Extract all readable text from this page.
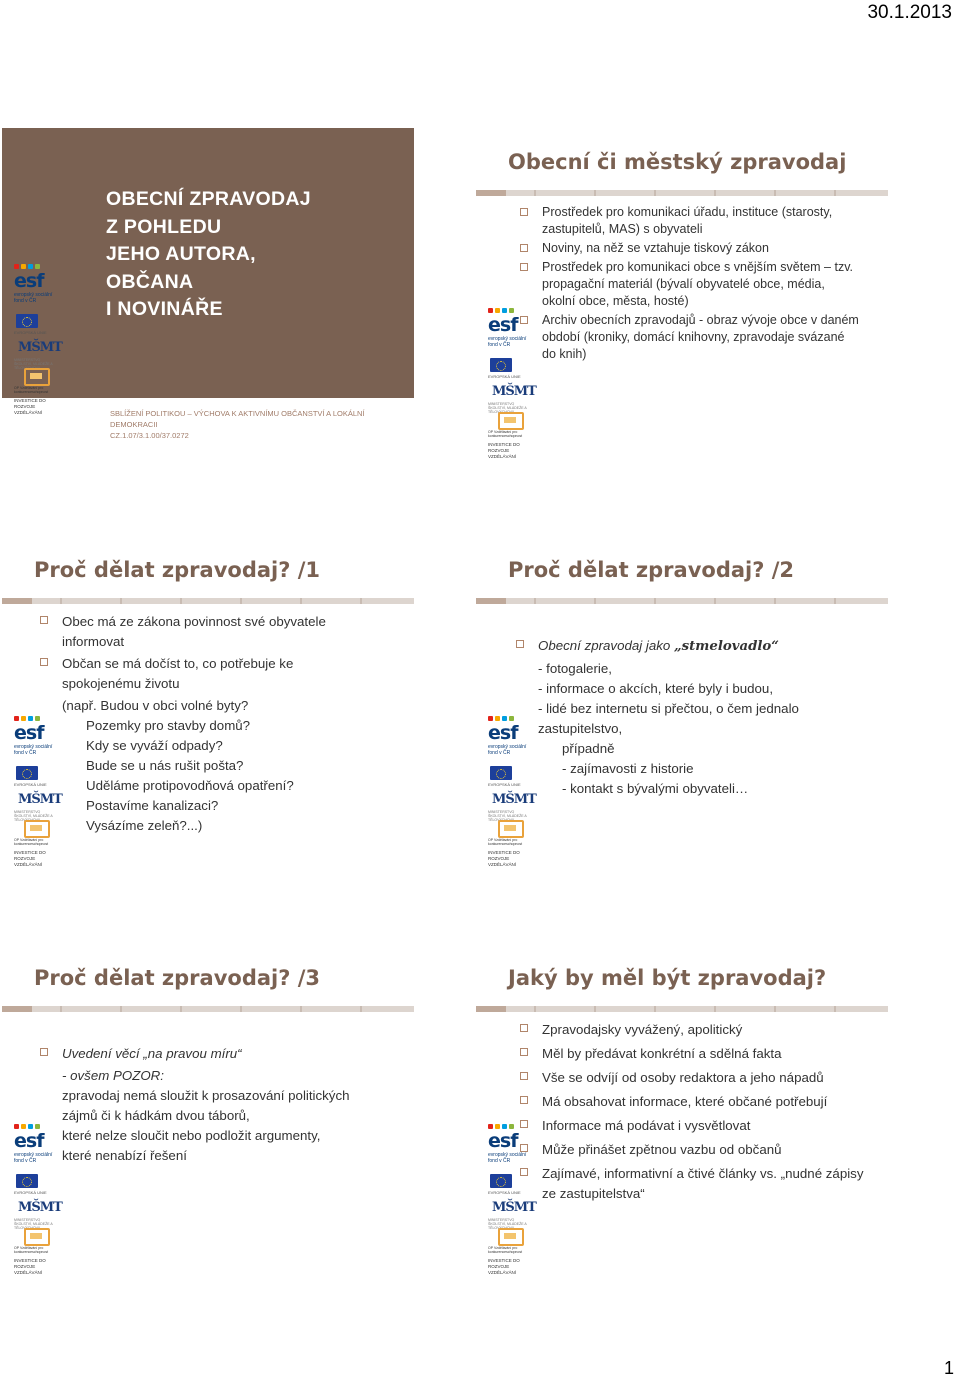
30.1.2013
OBECNÍ ZPRAVODAJ
Z POHLEDU
JEHO AUTORA,
OBČANA
I NOVINÁŘE
SBLÍŽENÍ POLITIKOU – VÝCHOVA K AKTIVNÍMU OBČANSTVÍ A LOKÁLNÍ DEMOKRACII
CZ.1.07/3.1.00/37.0272
esf
evropský sociální fond v ČR
EVROPSKÁ UNIE
MŠMT
MINISTERSTVO ŠKOLSTVÍ, MLÁDEŽE A TĚLOVÝCHOVY
OP Vzdělávání pro konkurenceschopnost
INVESTICE DO ROZVOJE VZDĚLÁVÁNÍ
Obecní či městský zpravodaj
esf
evropský sociální fond v ČR
EVROPSKÁ UNIE
MŠMT
MINISTERSTVO ŠKOLSTVÍ, MLÁDEŽE A TĚLOVÝCHOVY
OP Vzdělávání pro konkurenceschopnost
INVESTICE DO ROZVOJE VZDĚLÁVÁNÍ
Prostředek pro komunikaci úřadu, instituce (starosty, zastupitelů, MAS) s obyvateli
Noviny, na něž se vztahuje tiskový zákon
Prostředek pro komunikaci obce s vnějším světem – tzv. propagační materiál (bývalí obyvatelé obce, média, okolní obce, města, hosté)
Archiv obecních zpravodajů - obraz vývoje obce v daném období (kroniky, domácí knihovny, zpravodaje svázané do knih)
Proč dělat zpravodaj? /1
esf
evropský sociální fond v ČR
EVROPSKÁ UNIE
MŠMT
MINISTERSTVO ŠKOLSTVÍ, MLÁDEŽE A TĚLOVÝCHOVY
OP Vzdělávání pro konkurenceschopnost
INVESTICE DO ROZVOJE VZDĚLÁVÁNÍ
Obec má ze zákona povinnost své obyvatele informovat
Občan se má dočíst to, co potřebuje ke spokojenému životu
(např. Budou v obci volné byty?
Pozemky pro stavby domů?
Kdy se vyváží odpady?
Bude se u nás rušit pošta?
Uděláme protipovodňová opatření?
Postavíme kanalizaci?
Vysázíme zeleň?...)
Proč dělat zpravodaj? /2
esf
evropský sociální fond v ČR
EVROPSKÁ UNIE
MŠMT
MINISTERSTVO ŠKOLSTVÍ, MLÁDEŽE A TĚLOVÝCHOVY
OP Vzdělávání pro konkurenceschopnost
INVESTICE DO ROZVOJE VZDĚLÁVÁNÍ
Obecní zpravodaj jako „stmelovadlo“
- fotogalerie,
- informace o akcích, které byly i budou,
- lidé bez internetu si přečtou, o čem jednalo zastupitelstvo,
případně
- zajímavosti z historie
- kontakt s bývalými obyvateli…
Proč dělat zpravodaj? /3
esf
evropský sociální fond v ČR
EVROPSKÁ UNIE
MŠMT
MINISTERSTVO ŠKOLSTVÍ, MLÁDEŽE A TĚLOVÝCHOVY
OP Vzdělávání pro konkurenceschopnost
INVESTICE DO ROZVOJE VZDĚLÁVÁNÍ
Uvedení věcí „na pravou míru“
- ovšem POZOR:
zpravodaj nemá sloužit k prosazování politických zájmů či k hádkám dvou táborů,
které nelze sloučit nebo podložit argumenty,
které nenabízí řešení
Jaký by měl být zpravodaj?
esf
evropský sociální fond v ČR
EVROPSKÁ UNIE
MŠMT
MINISTERSTVO ŠKOLSTVÍ, MLÁDEŽE A TĚLOVÝCHOVY
OP Vzdělávání pro konkurenceschopnost
INVESTICE DO ROZVOJE VZDĚLÁVÁNÍ
Zpravodajsky vyvážený, apolitický
Měl by předávat konkrétní a sdělná fakta
Vše se odvíjí od osoby redaktora a jeho nápadů
Má obsahovat informace, které občané potřebují
Informace má podávat i vysvětlovat
Může přinášet zpětnou vazbu od občanů
Zajímavé, informativní a čtivé články vs. „nudné zápisy ze zastupitelstva“
1
